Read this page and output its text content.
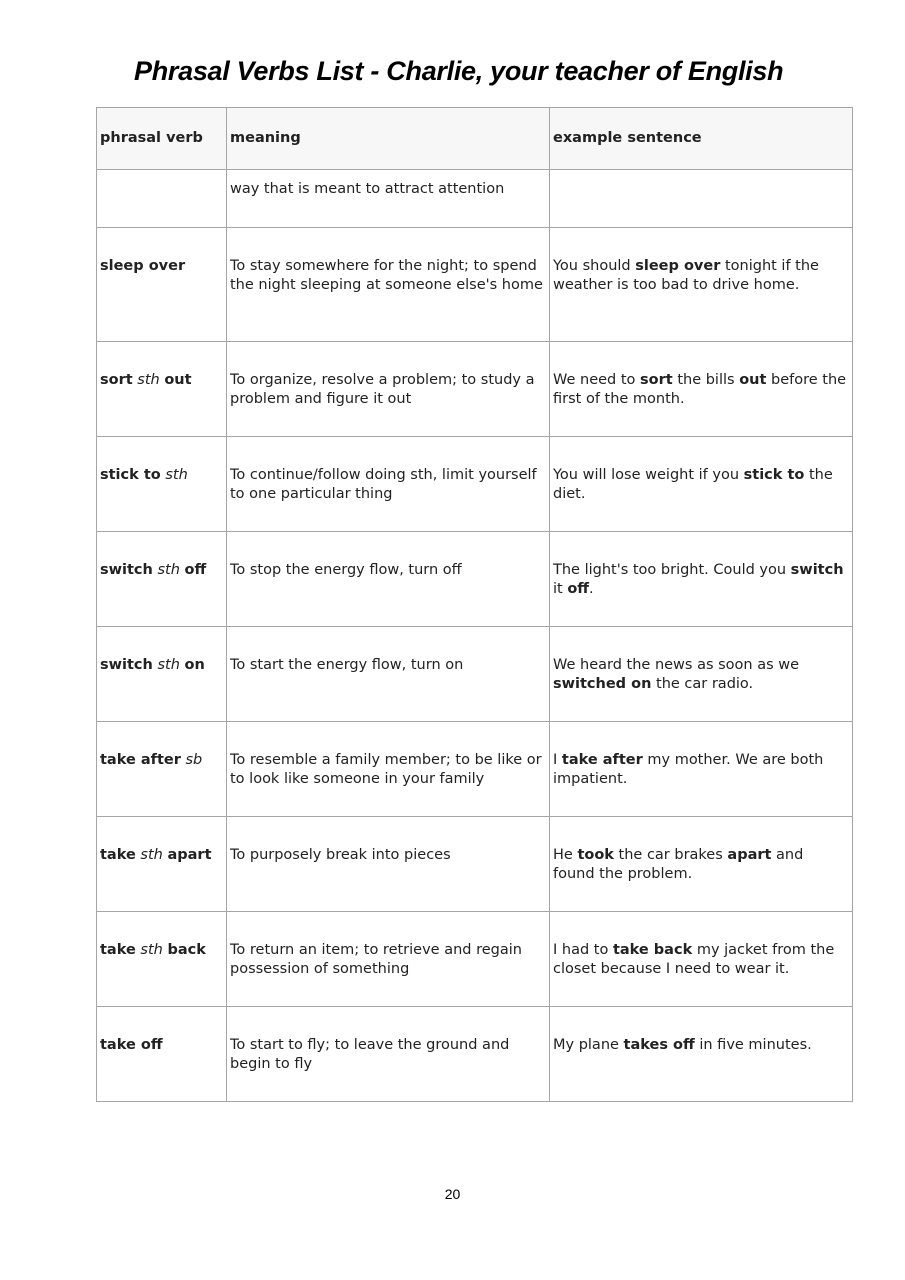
Phrasal Verbs List - Charlie, your teacher of English
phrasal verb	meaning	example sentence
	way that is meant to attract attention	
sleep over	To stay somewhere for the night; to spend the night sleeping at someone else's home	You should sleep over tonight if the weather is too bad to drive home.
sort sth out	To organize, resolve a problem; to study a problem and figure it out	We need to sort the bills out before the first of the month.
stick to sth	To continue/follow doing sth, limit yourself to one particular thing	You will lose weight if you stick to the diet.
switch sth off	To stop the energy flow, turn off	The light's too bright. Could you switch it off.
switch sth on	To start the energy flow, turn on	We heard the news as soon as we switched on the car radio.
take after sb	To resemble a family member; to be like or to look like someone in your family	I take after my mother. We are both impatient.
take sth apart	To purposely break into pieces	He took the car brakes apart and found the problem.
take sth back	To return an item; to retrieve and regain possession of something	I had to take back my jacket from the closet because I need to wear it.
take off	To start to fly; to leave the ground and begin to fly	My plane takes off in five minutes.
20
